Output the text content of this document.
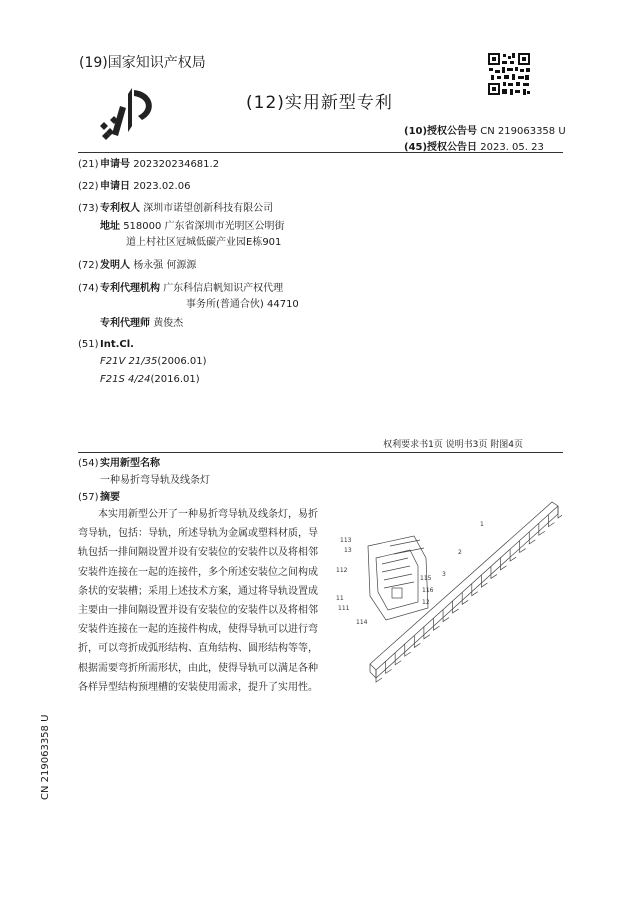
(19)国家知识产权局
(12)实用新型专利
(10)授权公告号 CN 219063358 U
(45)授权公告日 2023. 05. 23
(21)申请号 202320234681.2
(22)申请日 2023.02.06
(73)专利权人 深圳市诺望创新科技有限公司
地址 518000 广东省深圳市光明区公明街
道上村社区冠城低碳产业园E栋901
(72)发明人 杨永强 何源源
(74)专利代理机构 广东科信启帆知识产权代理
事务所(普通合伙) 44710
专利代理师 黄俊杰
(51)Int.Cl.
F21V 21/35(2006.01)
F21S 4/24(2016.01)
权利要求书1页 说明书3页 附图4页
(54)实用新型名称
一种易折弯导轨及线条灯
(57)摘要

本实用新型公开了一种易折弯导轨及线条灯，易折弯导轨，包括：导轨，所述导轨为金属或塑料材质，导轨包括一排间隔设置并设有安装位的安装件以及将相邻安装件连接在一起的连接件，多个所述安装位之间构成条状的安装槽；采用上述技术方案，通过将导轨设置成主要由一排间隔设置并设有安装位的安装件以及将相邻安装件连接在一起的连接件构成，使得导轨可以进行弯折，可以弯折成弧形结构、直角结构、圆形结构等等，根据需要弯折所需形状，由此，使得导轨可以满足各种各样异型结构预埋槽的安装使用需求，提升了实用性。

113
13
112
11
111
114
1
115
2
116
12
3
CN 219063358 U
